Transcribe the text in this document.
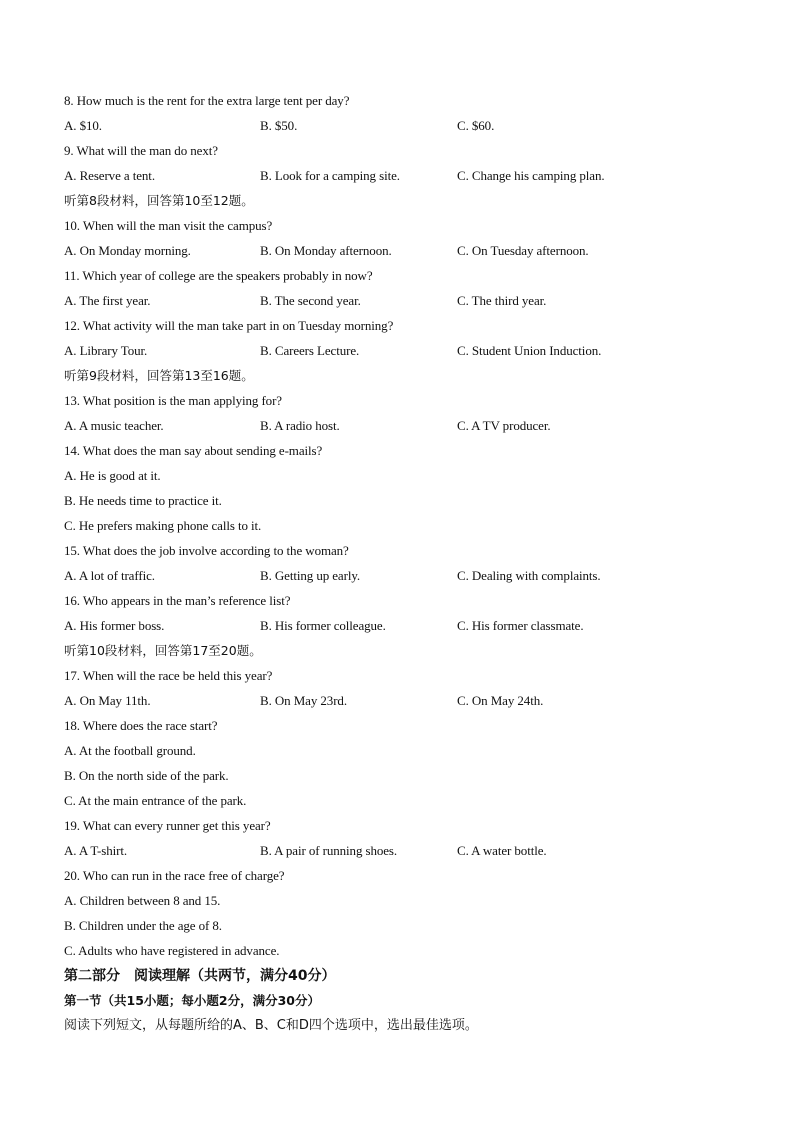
8. How much is the rent for the extra large tent per day?
A. $10.	B. $50.	C. $60.
9. What will the man do next?
A. Reserve a tent.	B. Look for a camping site.	C. Change his camping plan.
听第8段材料，回答第10至12题。
10. When will the man visit the campus?
A. On Monday morning.	B. On Monday afternoon.	C. On Tuesday afternoon.
11. Which year of college are the speakers probably in now?
A. The first year.	B. The second year.	C. The third year.
12. What activity will the man take part in on Tuesday morning?
A. Library Tour.	B. Careers Lecture.	C. Student Union Induction.
听第9段材料，回答第13至16题。
13. What position is the man applying for?
A. A music teacher.	B. A radio host.	C. A TV producer.
14. What does the man say about sending e-mails?
A. He is good at it.
B. He needs time to practice it.
C. He prefers making phone calls to it.
15. What does the job involve according to the woman?
A. A lot of traffic.	B. Getting up early.	C. Dealing with complaints.
16. Who appears in the man’s reference list?
A. His former boss.	B. His former colleague.	C. His former classmate.
听第10段材料，回答第17至20题。
17. When will the race be held this year?
A. On May 11th.	B. On May 23rd.	C. On May 24th.
18. Where does the race start?
A. At the football ground.
B. On the north side of the park.
C. At the main entrance of the park.
19. What can every runner get this year?
A. A T-shirt.	B. A pair of running shoes.	C. A water bottle.
20. Who can run in the race free of charge?
A. Children between 8 and 15.
B. Children under the age of 8.
C. Adults who have registered in advance.
第二部分　阅读理解（共两节，满分40分）
第一节（共15小题；每小题2分，满分30分）
阅读下列短文，从每题所给的A、B、C和D四个选项中，选出最佳选项。
